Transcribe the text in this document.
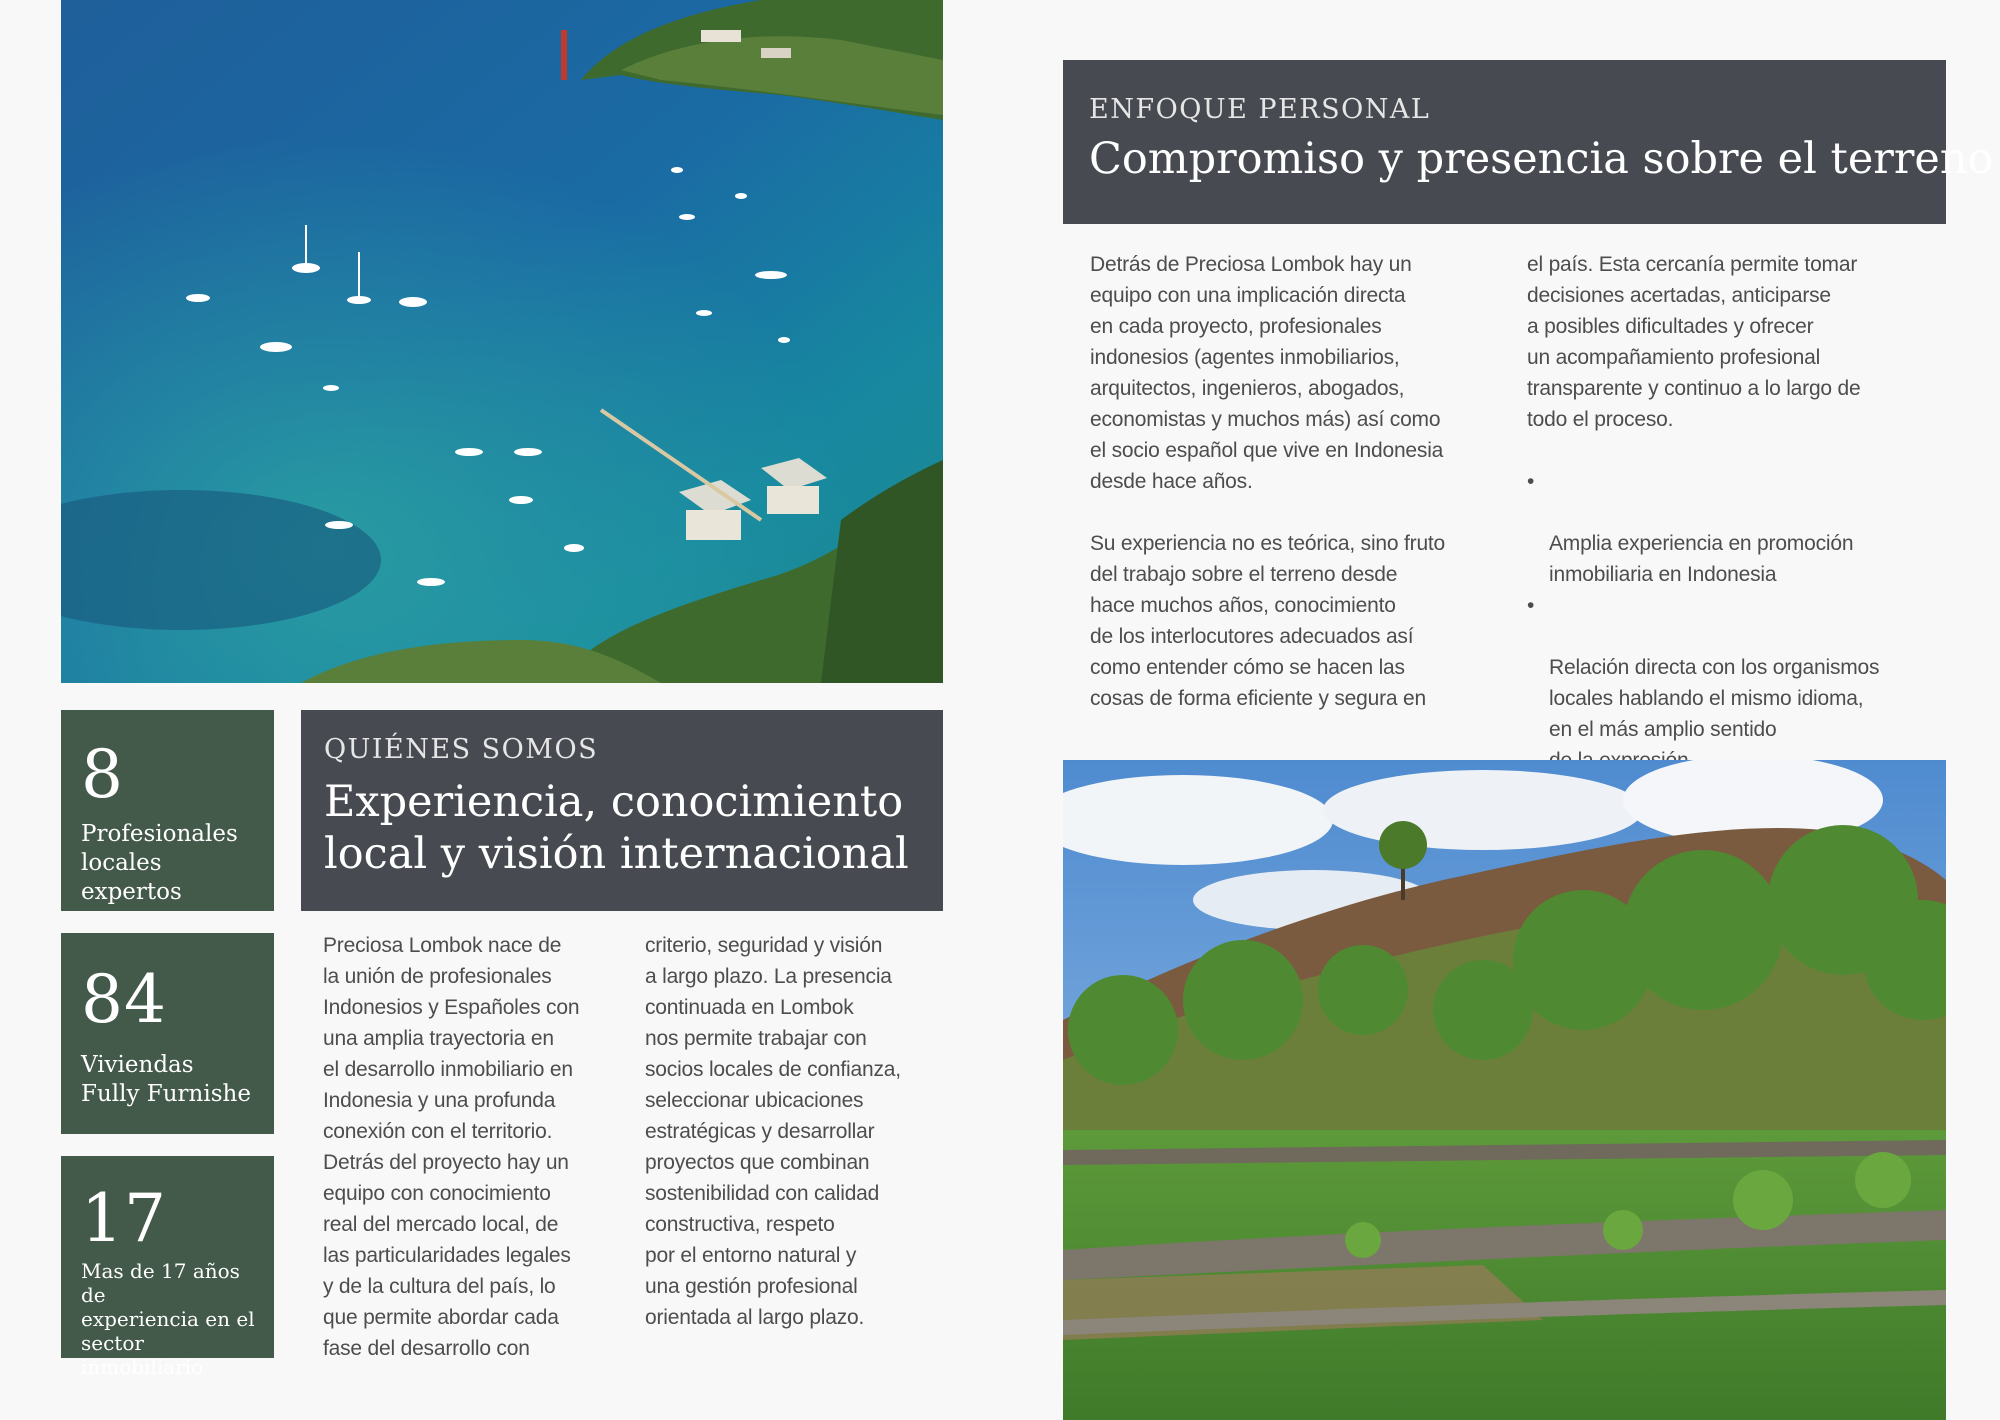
8
Profesionales
locales expertos
84
Viviendas
Fully Furnishe
17
Mas de 17 años de
experiencia en el
sector inmobiliario
QUIÉNES SOMOS
Experiencia, conocimiento
local y visión internacional
Preciosa Lombok nace de
la unión de profesionales
Indonesios y Españoles con
una amplia trayectoria en
el desarrollo inmobiliario en
Indonesia y una profunda
conexión con el territorio.
Detrás del proyecto hay un
equipo con conocimiento
real del mercado local, de
las particularidades legales
y de la cultura del país, lo
que permite abordar cada
fase del desarrollo con
criterio, seguridad y visión
a largo plazo. La presencia
continuada en Lombok
nos permite trabajar con
socios locales de confianza,
seleccionar ubicaciones
estratégicas y desarrollar
proyectos que combinan
sostenibilidad con calidad
constructiva, respeto
por el entorno natural y
una gestión profesional
orientada al largo plazo.
ENFOQUE PERSONAL
Compromiso y presencia sobre el terreno
Detrás de Preciosa Lombok hay un
equipo con una implicación directa
en cada proyecto, profesionales
indonesios (agentes inmobiliarios,
arquitectos, ingenieros, abogados,
economistas y muchos más) así como
el socio español que vive en Indonesia
desde hace años.

Su experiencia no es teórica, sino fruto
del trabajo sobre el terreno desde
hace muchos años, conocimiento
de los interlocutores adecuados así
como entender cómo se hacen las
cosas de forma eficiente y segura en
el país. Esta cercanía permite tomar
decisiones acertadas, anticiparse
a posibles dificultades y ofrecer
un acompañamiento profesional
transparente y continuo a lo largo de
todo el proceso.

•

Amplia experiencia en promoción
inmobiliaria en Indonesia

•

Relación directa con los organismos
locales hablando el mismo idioma,
en el más amplio sentido
